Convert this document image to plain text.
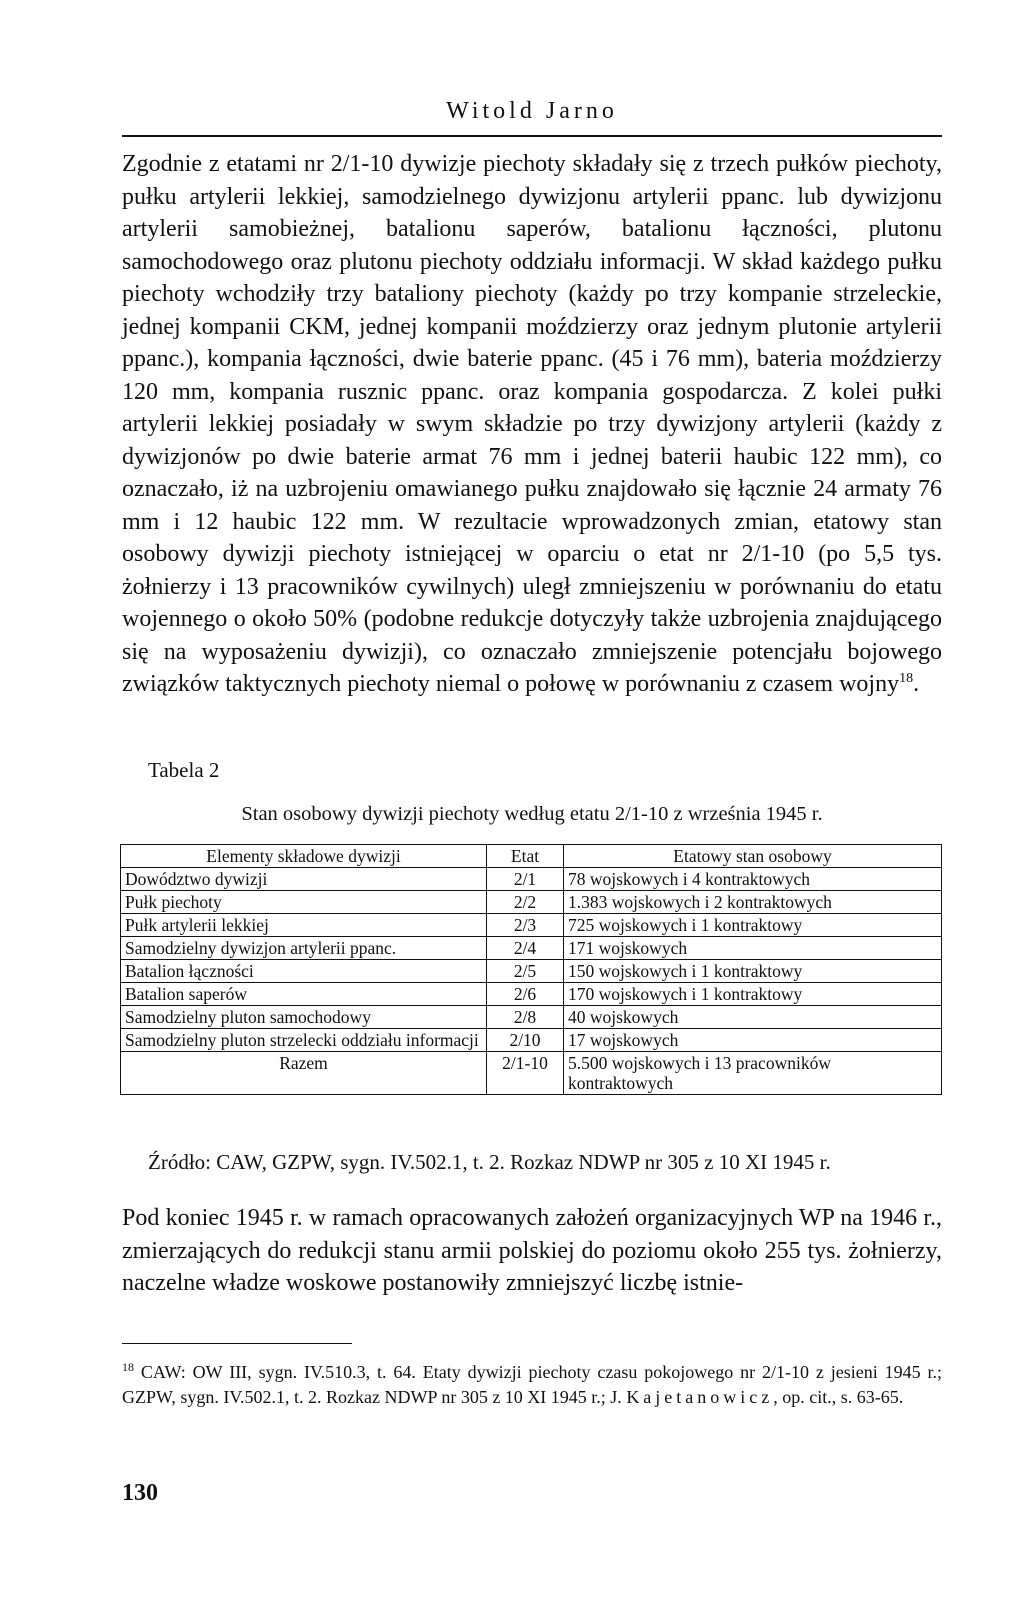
Witold Jarno

Zgodnie z etatami nr 2/1-10 dywizje piechoty składały się z trzech pułków piechoty, pułku artylerii lekkiej, samodzielnego dywizjonu artylerii ppanc. lub dywizjonu artylerii samobieżnej, batalionu saperów, batalionu łączności, plutonu samochodowego oraz plutonu piechoty oddziału informacji. W skład każdego pułku piechoty wchodziły trzy bataliony piechoty (każdy po trzy kompanie strzeleckie, jednej kompanii CKM, jednej kompanii moździerzy oraz jednym plutonie artylerii ppanc.), kompania łączności, dwie baterie ppanc. (45 i 76 mm), bateria moździerzy 120 mm, kompania rusznic ppanc. oraz kompania gospodarcza. Z kolei pułki artylerii lekkiej posiadały w swym składzie po trzy dywizjony artylerii (każdy z dywizjonów po dwie baterie armat 76 mm i jednej baterii haubic 122 mm), co oznaczało, iż na uzbrojeniu omawianego pułku znajdowało się łącznie 24 armaty 76 mm i 12 haubic 122 mm. W rezultacie wprowadzonych zmian, etatowy stan osobowy dywizji piechoty istniejącej w oparciu o etat nr 2/1-10 (po 5,5 tys. żołnierzy i 13 pracowników cywilnych) uległ zmniejszeniu w porównaniu do etatu wojennego o około 50% (podobne redukcje dotyczyły także uzbrojenia znajdującego się na wyposażeniu dywizji), co oznaczało zmniejszenie potencjału bojowego związków taktycznych piechoty niemal o połowę w porównaniu z czasem wojny$^{18}$.

Tabela 2

Stan osobowy dywizji piechoty według etatu 2/1-10 z września 1945 r.

Elementy składowe dywizji	Etat	Etatowy stan osobowy
Dowództwo dywizji	2/1	78 wojskowych i 4 kontraktowych
Pułk piechoty	2/2	1.383 wojskowych i 2 kontraktowych
Pułk artylerii lekkiej	2/3	725 wojskowych i 1 kontraktowy
Samodzielny dywizjon artylerii ppanc.	2/4	171 wojskowych
Batalion łączności	2/5	150 wojskowych i 1 kontraktowy
Batalion saperów	2/6	170 wojskowych i 1 kontraktowy
Samodzielny pluton samochodowy	2/8	40 wojskowych
Samodzielny pluton strzelecki oddziału informacji	2/10	17 wojskowych
Razem	2/1-10	5.500 wojskowych i 13 pracowników kontraktowych

Źródło: CAW, GZPW, sygn. IV.502.1, t. 2. Rozkaz NDWP nr 305 z 10 XI 1945 r.

Pod koniec 1945 r. w ramach opracowanych założeń organizacyjnych WP na 1946 r., zmierzających do redukcji stanu armii polskiej do poziomu około 255 tys. żołnierzy, naczelne władze woskowe postanowiły zmniejszyć liczbę istnie-

$^{18}$ CAW: OW III, sygn. IV.510.3, t. 64. Etaty dywizji piechoty czasu pokojowego nr 2/1-10 z jesieni 1945 r.; GZPW, sygn. IV.502.1, t. 2. Rozkaz NDWP nr 305 z 10 XI 1945 r.; J. Kajetanowicz, op. cit., s. 63-65.

130
